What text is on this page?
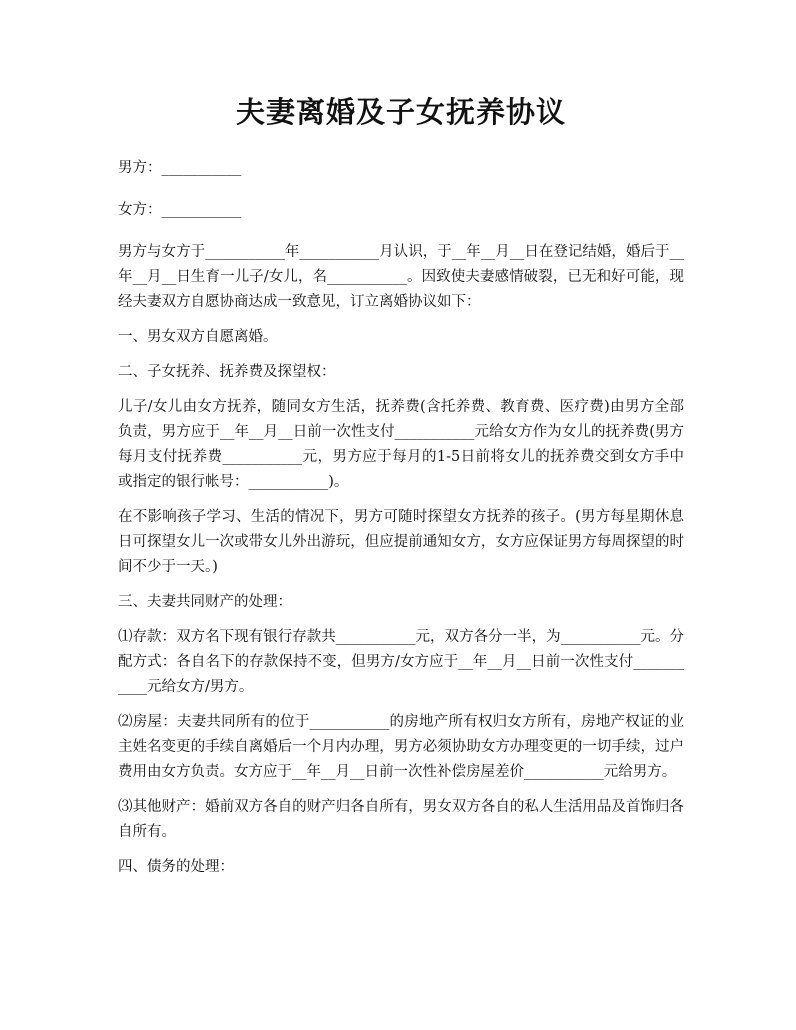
夫妻离婚及子女抚养协议
男方：___________
女方：___________
男方与女方于___________年___________月认识，于__年__月__日在登记结婚，婚后于__年__月__日生育一儿子/女儿，名___________。因致使夫妻感情破裂，已无和好可能，现经夫妻双方自愿协商达成一致意见，订立离婚协议如下：
一、男女双方自愿离婚。
二、子女抚养、抚养费及探望权：
儿子/女儿由女方抚养，随同女方生活，抚养费(含托养费、教育费、医疗费)由男方全部负责，男方应于__年__月__日前一次性支付___________元给女方作为女儿的抚养费(男方每月支付抚养费___________元，男方应于每月的1-5日前将女儿的抚养费交到女方手中或指定的银行帐号：___________)。
在不影响孩子学习、生活的情况下，男方可随时探望女方抚养的孩子。(男方每星期休息日可探望女儿一次或带女儿外出游玩，但应提前通知女方，女方应保证男方每周探望的时间不少于一天。)
三、夫妻共同财产的处理：
⑴存款：双方名下现有银行存款共___________元，双方各分一半，为___________元。分配方式：各自名下的存款保持不变，但男方/女方应于__年__月__日前一次性支付___________元给女方/男方。
⑵房屋：夫妻共同所有的位于___________的房地产所有权归女方所有，房地产权证的业主姓名变更的手续自离婚后一个月内办理，男方必须协助女方办理变更的一切手续，过户费用由女方负责。女方应于__年__月__日前一次性补偿房屋差价___________元给男方。
⑶其他财产：婚前双方各自的财产归各自所有，男女双方各自的私人生活用品及首饰归各自所有。
四、债务的处理：
